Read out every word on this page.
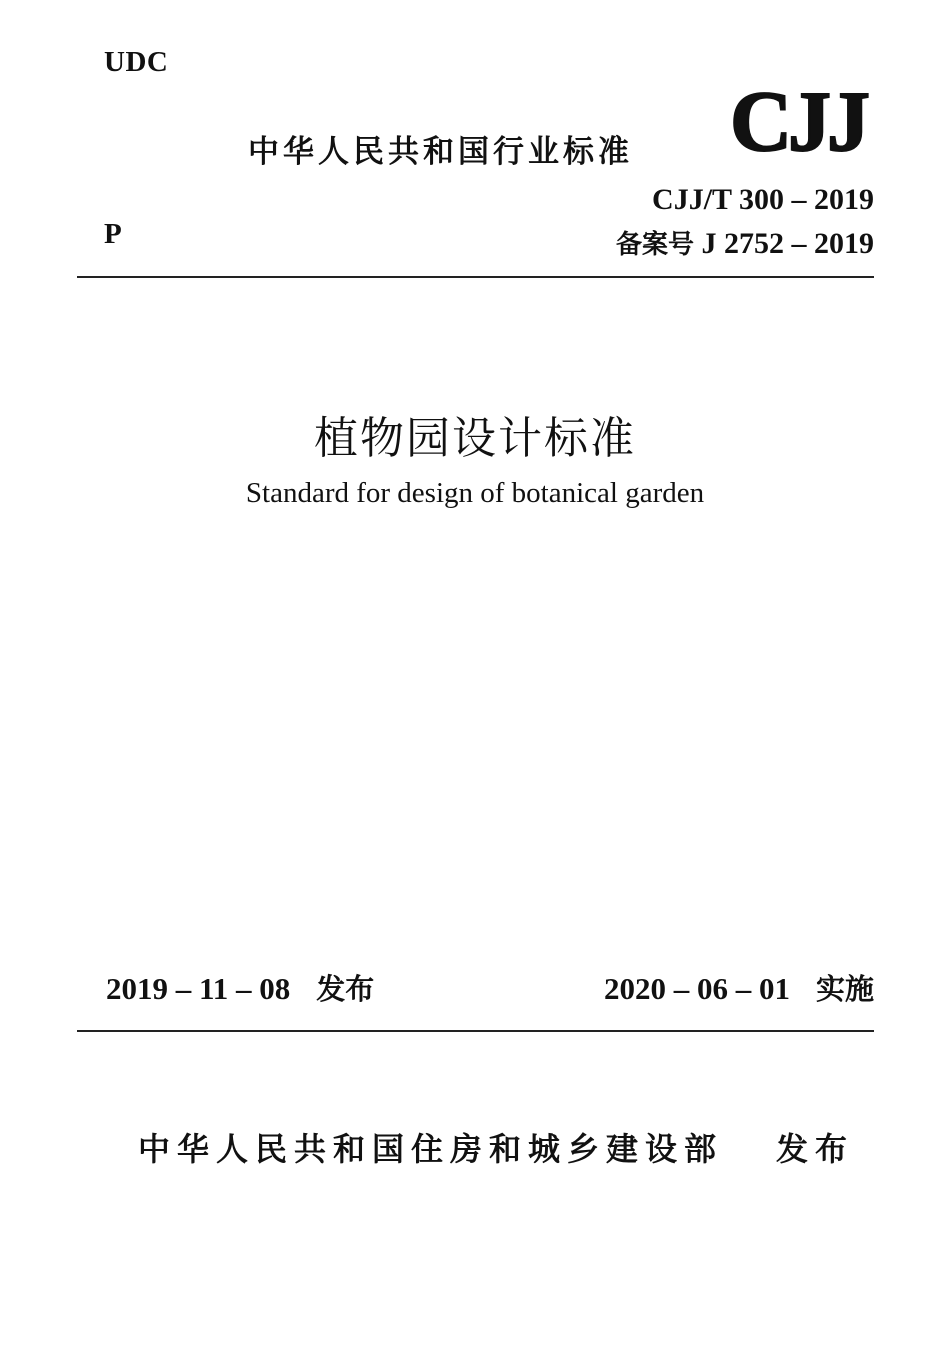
UDC
P
中华人民共和国行业标准 CJJ
CJJ/T 300 – 2019
备案号 J 2752 – 2019
植物园设计标准
Standard for design of botanical garden
2019 – 11 – 08 发布	2020 – 06 – 01 实施
中华人民共和国住房和城乡建设部 发布
